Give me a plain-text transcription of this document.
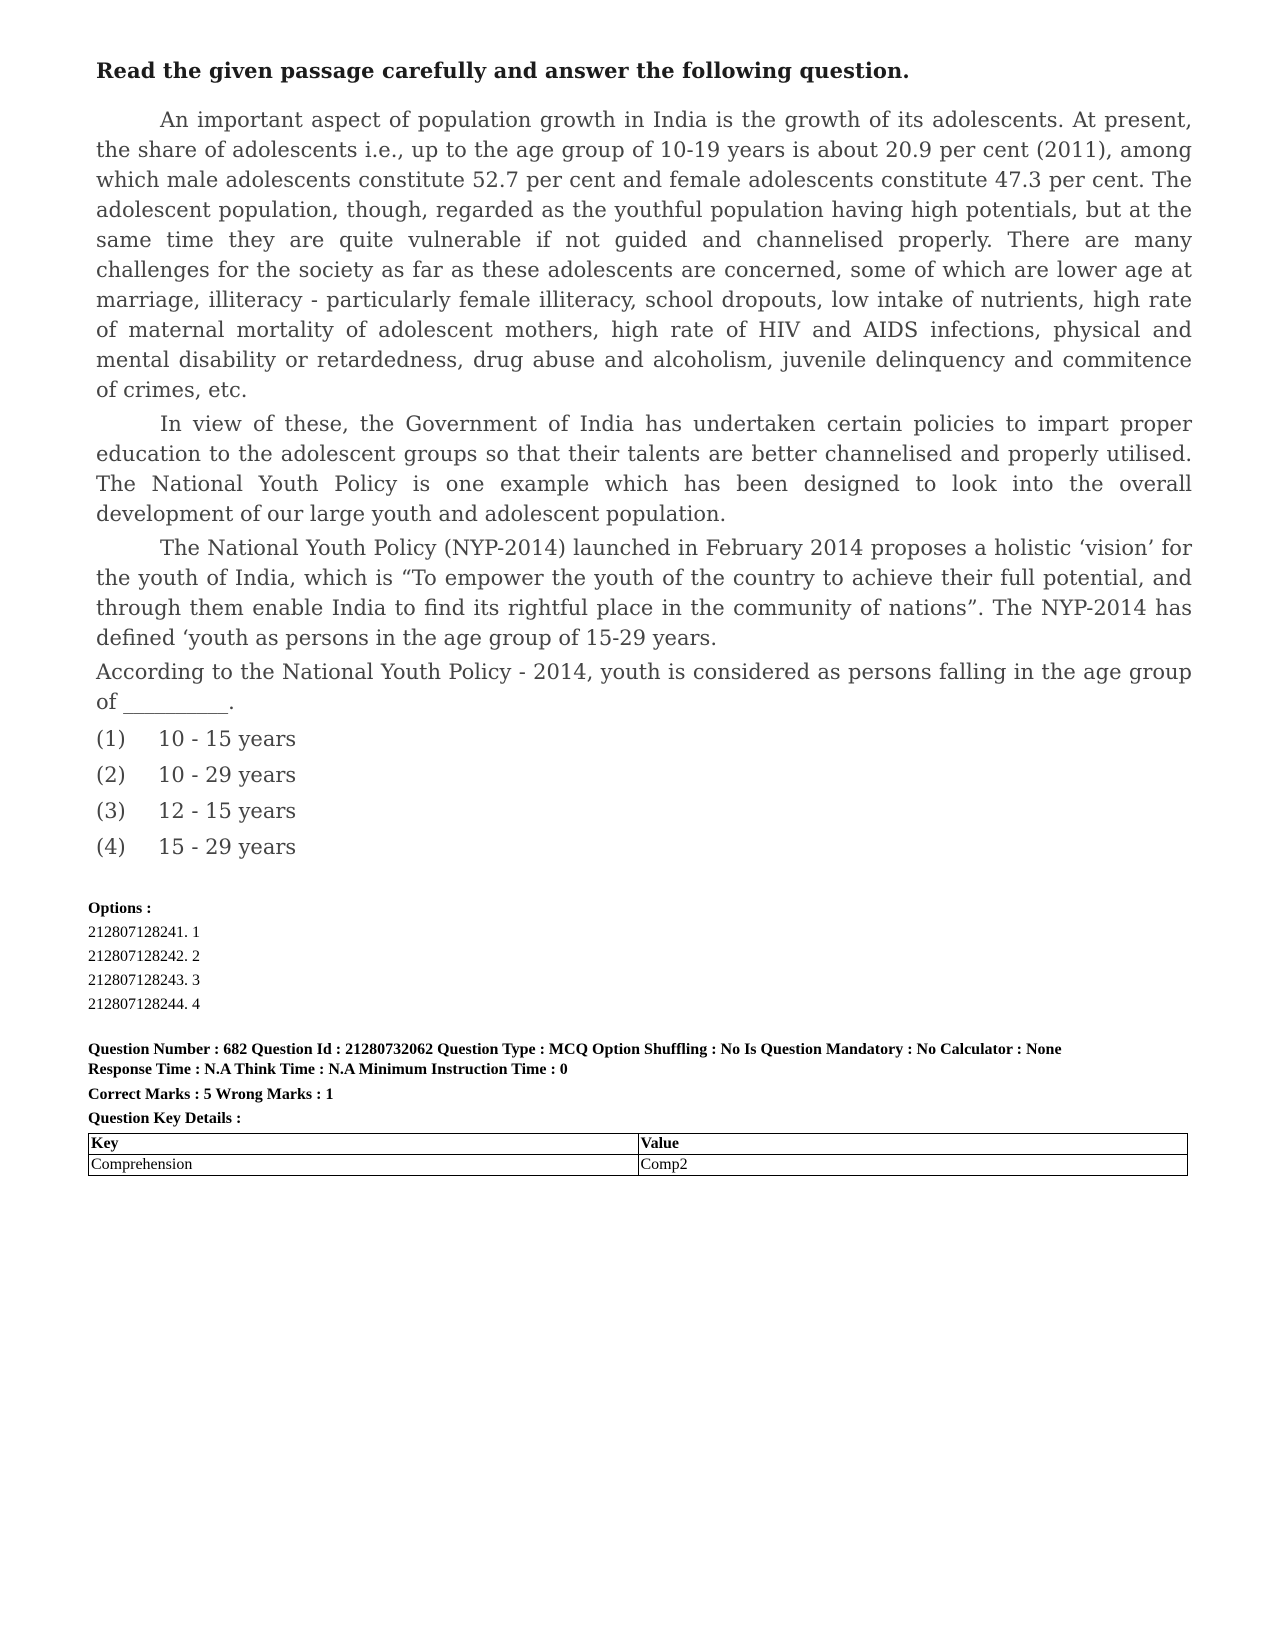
Read the given passage carefully and answer the following question.

An important aspect of population growth in India is the growth of its adolescents. At present, the share of adolescents i.e., up to the age group of 10-19 years is about 20.9 per cent (2011), among which male adolescents constitute 52.7 per cent and female adolescents constitute 47.3 per cent. The adolescent population, though, regarded as the youthful population having high potentials, but at the same time they are quite vulnerable if not guided and channelised properly. There are many challenges for the society as far as these adolescents are concerned, some of which are lower age at marriage, illiteracy - particularly female illiteracy, school dropouts, low intake of nutrients, high rate of maternal mortality of adolescent mothers, high rate of HIV and AIDS infections, physical and mental disability or retardedness, drug abuse and alcoholism, juvenile delinquency and commitence of crimes, etc.

In view of these, the Government of India has undertaken certain policies to impart proper education to the adolescent groups so that their talents are better channelised and properly utilised. The National Youth Policy is one example which has been designed to look into the overall development of our large youth and adolescent population.

The National Youth Policy (NYP-2014) launched in February 2014 proposes a holistic ‘vision’ for the youth of India, which is “To empower the youth of the country to achieve their full potential, and through them enable India to find its rightful place in the community of nations”. The NYP-2014 has defined ‘youth as persons in the age group of 15-29 years.

According to the National Youth Policy - 2014, youth is considered as persons falling in the age group of __________.

(1)	10 - 15 years
(2)	10 - 29 years
(3)	12 - 15 years
(4)	15 - 29 years

Options :

212807128241. 1
212807128242. 2
212807128243. 3
212807128244. 4
Question Number : 682 Question Id : 21280732062 Question Type : MCQ Option Shuffling : No Is Question Mandatory : No Calculator : None
Response Time : N.A Think Time : N.A Minimum Instruction Time : 0
Correct Marks : 5 Wrong Marks : 1
Question Key Details :
Key	Value
Comprehension	Comp2
